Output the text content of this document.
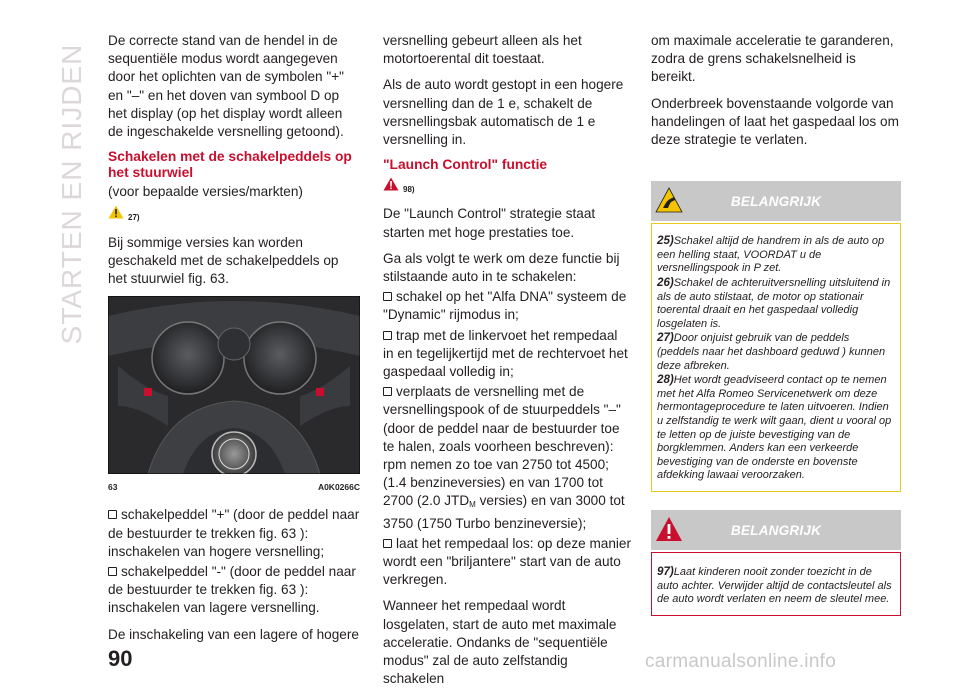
STARTEN EN RIJDEN

De correcte stand van de hendel in de sequentiële modus wordt aangegeven door het oplichten van de symbolen "+" en "–" en het doven van symbool D op het display (op het display wordt alleen de ingeschakelde versnelling getoond).

Schakelen met de schakelpeddels op het stuurwiel
(voor bepaalde versies/markten)
27)

Bij sommige versies kan worden geschakeld met de schakelpeddels op het stuurwiel fig. 63.

63	A0K0266C
schakelpeddel "+" (door de peddel naar de bestuurder te trekken fig. 63 ): inschakelen van hogere versnelling;
schakelpeddel "-" (door de peddel naar de bestuurder te trekken fig. 63 ): inschakelen van lagere versnelling.

De inschakeling van een lagere of hogere

versnelling gebeurt alleen als het motortoerental dit toestaat.

Als de auto wordt gestopt in een hogere versnelling dan de 1 e, schakelt de versnellingsbak automatisch de 1 e versnelling in.

"Launch Control" functie
98)

De "Launch Control" strategie staat starten met hoge prestaties toe.

Ga als volgt te werk om deze functie bij stilstaande auto in te schakelen:

schakel op het "Alfa DNA" systeem de "Dynamic" rijmodus in;
trap met de linkervoet het rempedaal in en tegelijkertijd met de rechtervoet het gaspedaal volledig in;
verplaats de versnelling met de versnellingspook of de stuurpeddels "–" (door de peddel naar de bestuurder toe te halen, zoals voorheen beschreven): rpm nemen zo toe van 2750 tot 4500; (1.4 benzineversies) en van 1700 tot 2700 (2.0 $JTD_M$ versies) en van 3000 tot 3750 (1750 Turbo benzineversie);
laat het rempedaal los: op deze manier wordt een "briljantere" start van de auto verkregen.

Wanneer het rempedaal wordt losgelaten, start de auto met maximale acceleratie. Ondanks de "sequentiële modus" zal de auto zelfstandig schakelen

om maximale acceleratie te garanderen, zodra de grens schakelsnelheid is bereikt.

Onderbreek bovenstaande volgorde van handelingen of laat het gaspedaal los om deze strategie te verlaten.

BELANGRIJK
25)Schakel altijd de handrem in als de auto op een helling staat, VOORDAT u de versnellingspook in P zet.
26)Schakel de achteruitversnelling uitsluitend in als de auto stilstaat, de motor op stationair toerental draait en het gaspedaal volledig losgelaten is.
27)Door onjuist gebruik van de peddels (peddels naar het dashboard geduwd ) kunnen deze afbreken.
28)Het wordt geadviseerd contact op te nemen met het Alfa Romeo Servicenetwerk om deze hermontageprocedure te laten uitvoeren. Indien u zelfstandig te werk wilt gaan, dient u vooral op te letten op de juiste bevestiging van de borgklemmen. Anders kan een verkeerde bevestiging van de onderste en bovenste afdekking lawaai veroorzaken.
BELANGRIJK
97)Laat kinderen nooit zonder toezicht in de auto achter. Verwijder altijd de contactsleutel als de auto wordt verlaten en neem de sleutel mee.
90	carmanualsonline.info
